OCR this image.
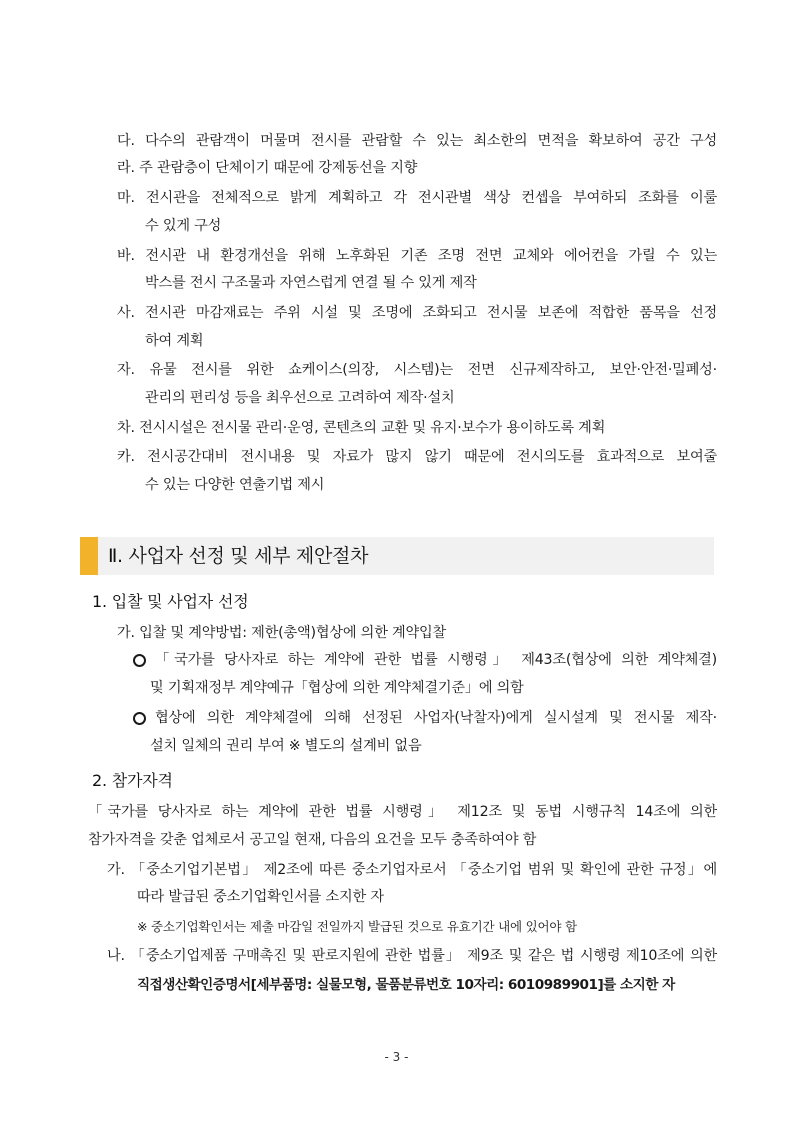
다. 다수의 관람객이 머물며 전시를 관람할 수 있는 최소한의 면적을 확보하여 공간 구성
라. 주 관람층이 단체이기 때문에 강제동선을 지향
마. 전시관을 전체적으로 밝게 계획하고 각 전시관별 색상 컨셉을 부여하되 조화를 이룰
수 있게 구성
바. 전시관 내 환경개선을 위해 노후화된 기존 조명 전면 교체와 에어컨을 가릴 수 있는
박스를 전시 구조물과 자연스럽게 연결 될 수 있게 제작
사. 전시관 마감재료는 주위 시설 및 조명에 조화되고 전시물 보존에 적합한 품목을 선정
하여 계획
자. 유물 전시를 위한 쇼케이스(의장, 시스템)는 전면 신규제작하고, 보안·안전·밀폐성·
관리의 편리성 등을 최우선으로 고려하여 제작·설치
차. 전시시설은 전시물 관리·운영, 콘텐츠의 교환 및 유지·보수가 용이하도록 계획
카. 전시공간대비 전시내용 및 자료가 많지 않기 때문에 전시의도를 효과적으로 보여줄
수 있는 다양한 연출기법 제시
Ⅱ. 사업자 선정 및 세부 제안절차
1. 입찰 및 사업자 선정
가. 입찰 및 계약방법: 제한(총액)협상에 의한 계약입찰
「국가를 당사자로 하는 계약에 관한 법률 시행령」 제43조(협상에 의한 계약체결)
및 기획재정부 계약예규「협상에 의한 계약체결기준」에 의함
협상에 의한 계약체결에 의해 선정된 사업자(낙찰자)에게 실시설계 및 전시물 제작·
설치 일체의 권리 부여 ※ 별도의 설계비 없음
2. 참가자격
「국가를 당사자로 하는 계약에 관한 법률 시행령」 제12조 및 동법 시행규칙 14조에 의한
참가자격을 갖춘 업체로서 공고일 현재, 다음의 요건을 모두 충족하여야 함
가. 「중소기업기본법」 제2조에 따른 중소기업자로서 「중소기업 범위 및 확인에 관한 규정」에
따라 발급된 중소기업확인서를 소지한 자
※ 중소기업확인서는 제출 마감일 전일까지 발급된 것으로 유효기간 내에 있어야 함
나. 「중소기업제품 구매촉진 및 판로지원에 관한 법률」 제9조 및 같은 법 시행령 제10조에 의한
직접생산확인증명서[세부품명: 실물모형, 물품분류번호 10자리: 6010989901]를 소지한 자
- 3 -
